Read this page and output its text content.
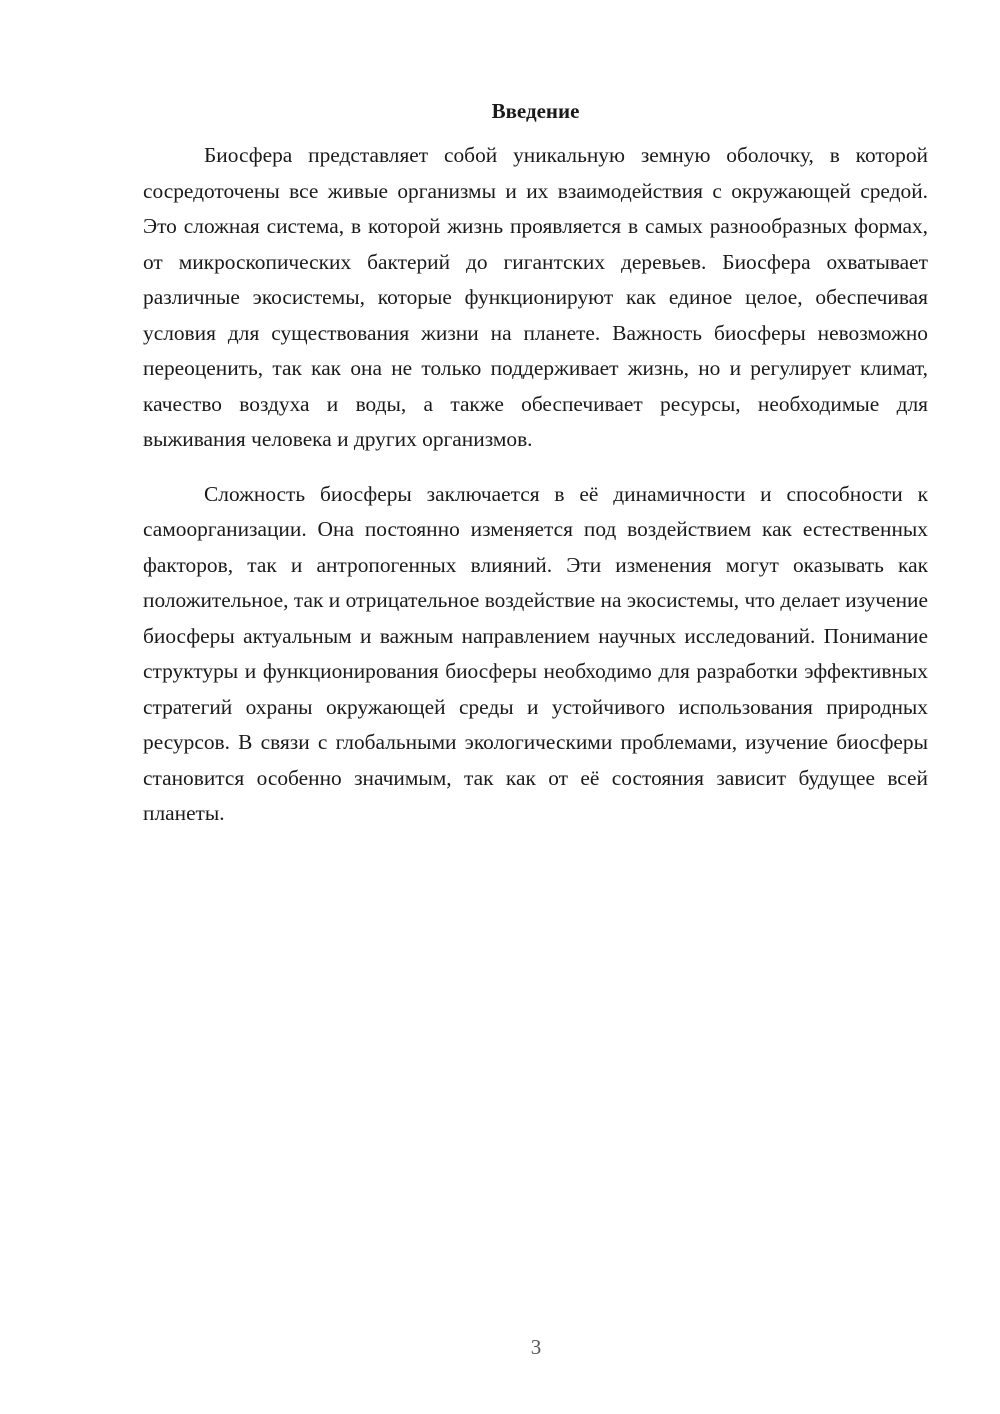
Введение

Биосфера представляет собой уникальную земную оболочку, в которой сосредоточены все живые организмы и их взаимодействия с окружающей средой. Это сложная система, в которой жизнь проявляется в самых разнообразных формах, от микроскопических бактерий до гигантских деревьев. Биосфера охватывает различные экосистемы, которые функционируют как единое целое, обеспечивая условия для существования жизни на планете. Важность биосферы невозможно переоценить, так как она не только поддерживает жизнь, но и регулирует климат, качество воздуха и воды, а также обеспечивает ресурсы, необходимые для выживания человека и других организмов.

Сложность биосферы заключается в её динамичности и способности к самоорганизации. Она постоянно изменяется под воздействием как естественных факторов, так и антропогенных влияний. Эти изменения могут оказывать как положительное, так и отрицательное воздействие на экосистемы, что делает изучение биосферы актуальным и важным направлением научных исследований. Понимание структуры и функционирования биосферы необходимо для разработки эффективных стратегий охраны окружающей среды и устойчивого использования природных ресурсов. В связи с глобальными экологическими проблемами, изучение биосферы становится особенно значимым, так как от её состояния зависит будущее всей планеты.

3
